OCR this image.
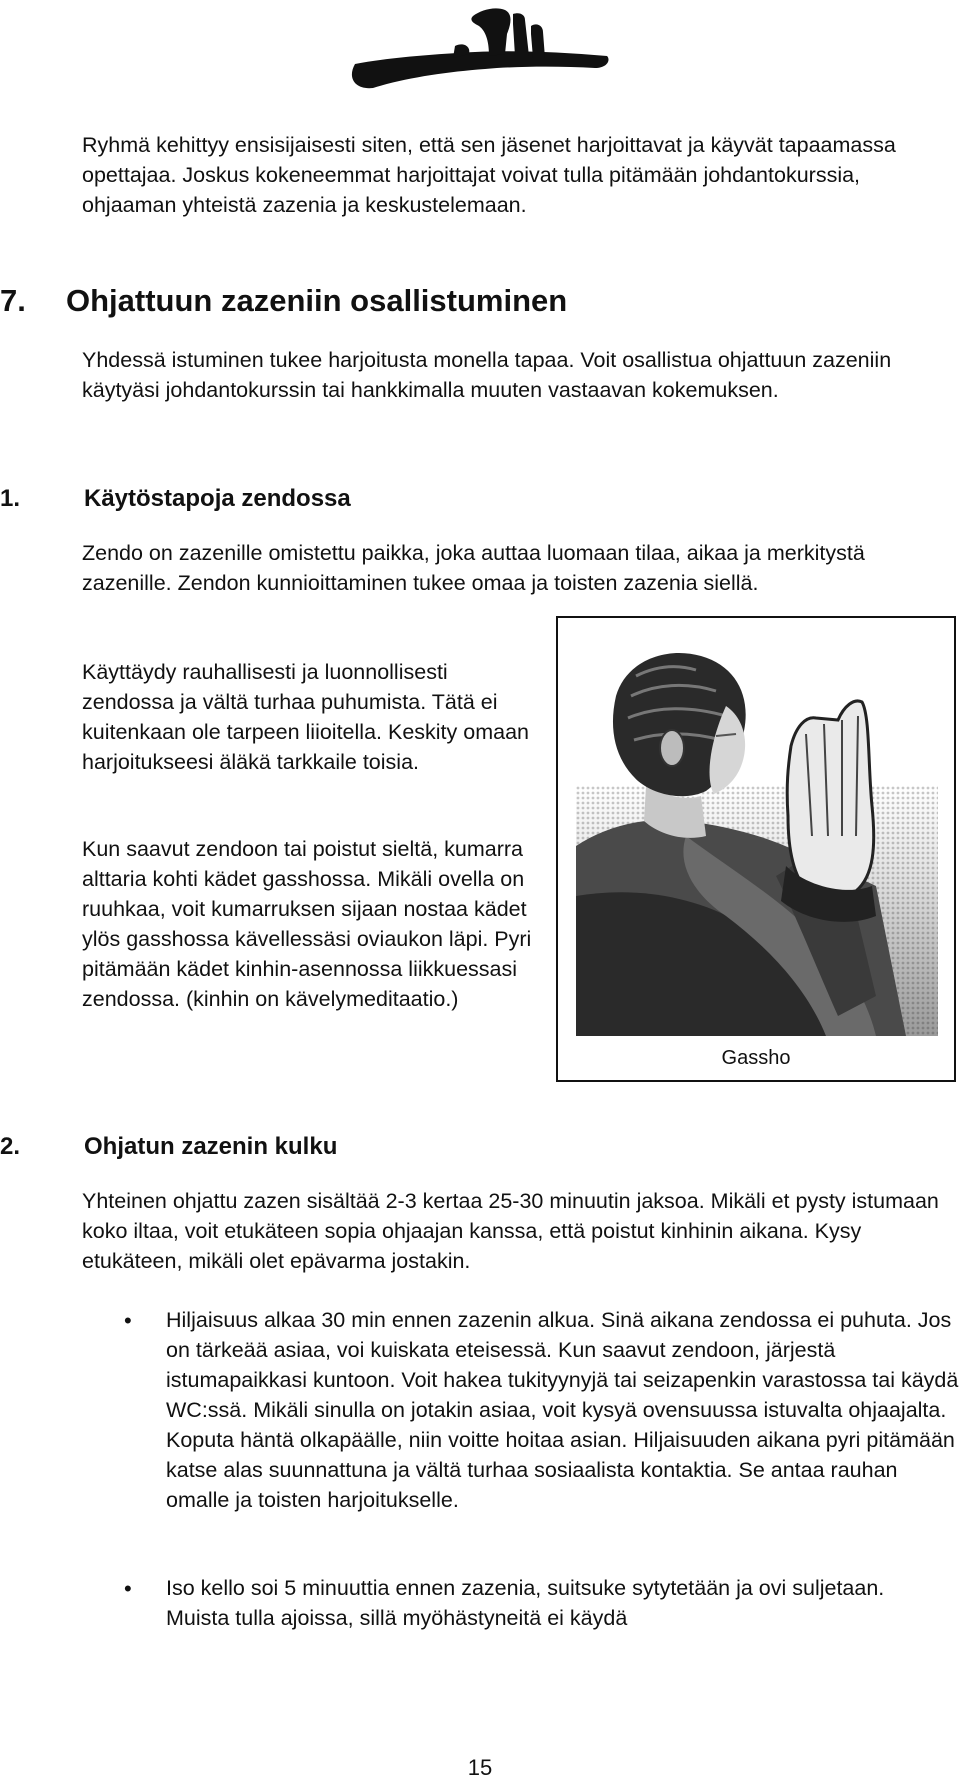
Ryhmä kehittyy ensisijaisesti siten, että sen jäsenet harjoittavat ja käyvät tapaamassa opettajaa. Joskus kokeneemmat harjoittajat voivat tulla pitämään johdantokurssia, ohjaaman yhteistä zazenia ja keskustelemaan.

7. Ohjattuun zazeniin osallistuminen

Yhdessä istuminen tukee harjoitusta monella tapaa. Voit osallistua ohjattuun zazeniin käytyäsi johdantokurssin tai hankkimalla muuten vastaavan kokemuksen.

1.	Käytöstapoja zendossa

Zendo on zazenille omistettu paikka, joka auttaa luomaan tilaa, aikaa ja merkitystä zazenille. Zendon kunnioittaminen tukee omaa ja toisten zazenia siellä.

Käyttäydy rauhallisesti ja luonnollisesti zendossa ja vältä turhaa puhumista. Tätä ei kuitenkaan ole tarpeen liioitella. Keskity omaan harjoitukseesi äläkä tarkkaile toisia.

Kun saavut zendoon tai poistut sieltä, kumarra alttaria kohti kädet gasshossa. Mikäli ovella on ruuhkaa, voit kumarruksen sijaan nostaa kädet ylös gasshossa kävellessäsi oviaukon läpi. Pyri pitämään kädet kinhin-asennossa liikkuessasi zendossa. (kinhin on kävelymeditaatio.)

Gassho
2.	Ohjatun zazenin kulku

Yhteinen ohjattu zazen sisältää 2-3 kertaa 25-30 minuutin jaksoa. Mikäli et pysty istumaan koko iltaa, voit etukäteen sopia ohjaajan kanssa, että poistut kinhinin aikana. Kysy etukäteen, mikäli olet epävarma jostakin.

• Hiljaisuus alkaa 30 min ennen zazenin alkua. Sinä aikana zendossa ei puhuta. Jos on tärkeää asiaa, voi kuiskata eteisessä. Kun saavut zendoon, järjestä istumapaikkasi kuntoon. Voit hakea tukityynyjä tai seizapenkin varastossa tai käydä WC:ssä. Mikäli sinulla on jotakin asiaa, voit kysyä ovensuussa istuvalta ohjaajalta. Koputa häntä olkapäälle, niin voitte hoitaa asian. Hiljaisuuden aikana pyri pitämään katse alas suunnattuna ja vältä turhaa sosiaalista kontaktia. Se antaa rauhan omalle ja toisten harjoitukselle.

• Iso kello soi 5 minuuttia ennen zazenia, suitsuke sytytetään ja ovi suljetaan. Muista tulla ajoissa, sillä myöhästyneitä ei käydä

15
